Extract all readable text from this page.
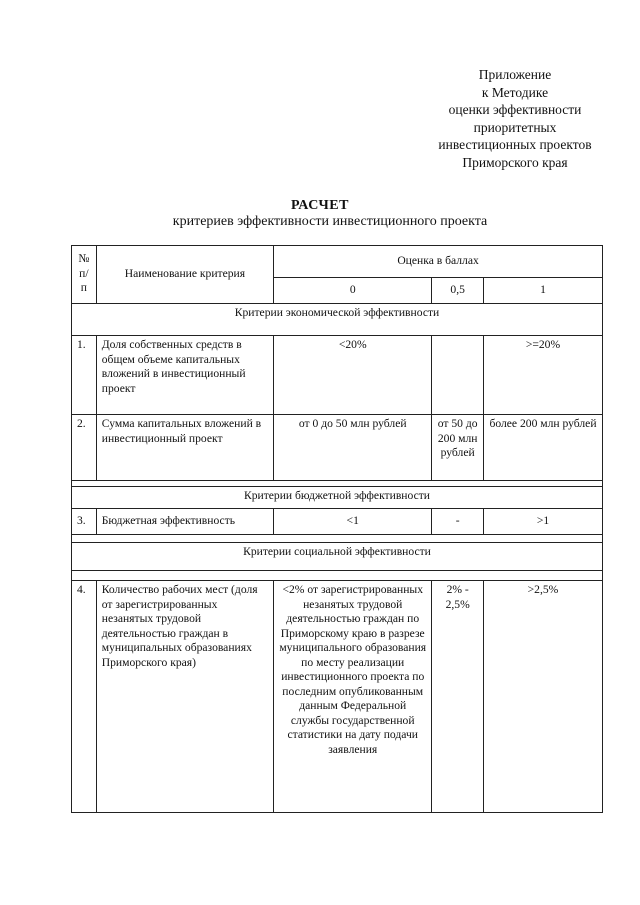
Приложение
к Методике
оценки эффективности
приоритетных
инвестиционных проектов
Приморского края
РАСЧЕТ
критериев эффективности инвестиционного проекта
№ п/п	Наименование критерия	Оценка в баллах		
		0	0,5	1
Критерии экономической эффективности				
1.	Доля собственных средств в общем объеме капитальных вложений в инвестиционный проект	<20%		>=20%
2.	Сумма капитальных вложений в инвестиционный проект	от 0 до 50 млн рублей	от 50 до 200 млн рублей	более 200 млн рублей

Критерии бюджетной эффективности				
3.	Бюджетная эффективность	<1	-	>1

Критерии социальной эффективности				

4.	Количество рабочих мест (доля от зарегистрированных незанятых трудовой деятельностью граждан в муниципальных образованиях Приморского края)	<2% от зарегистрированных незанятых трудовой деятельностью граждан по Приморскому краю в разрезе муниципального образования по месту реализации инвестиционного проекта по последним опубликованным данным Федеральной службы государственной статистики на дату подачи заявления	2% - 2,5%	>2,5%
